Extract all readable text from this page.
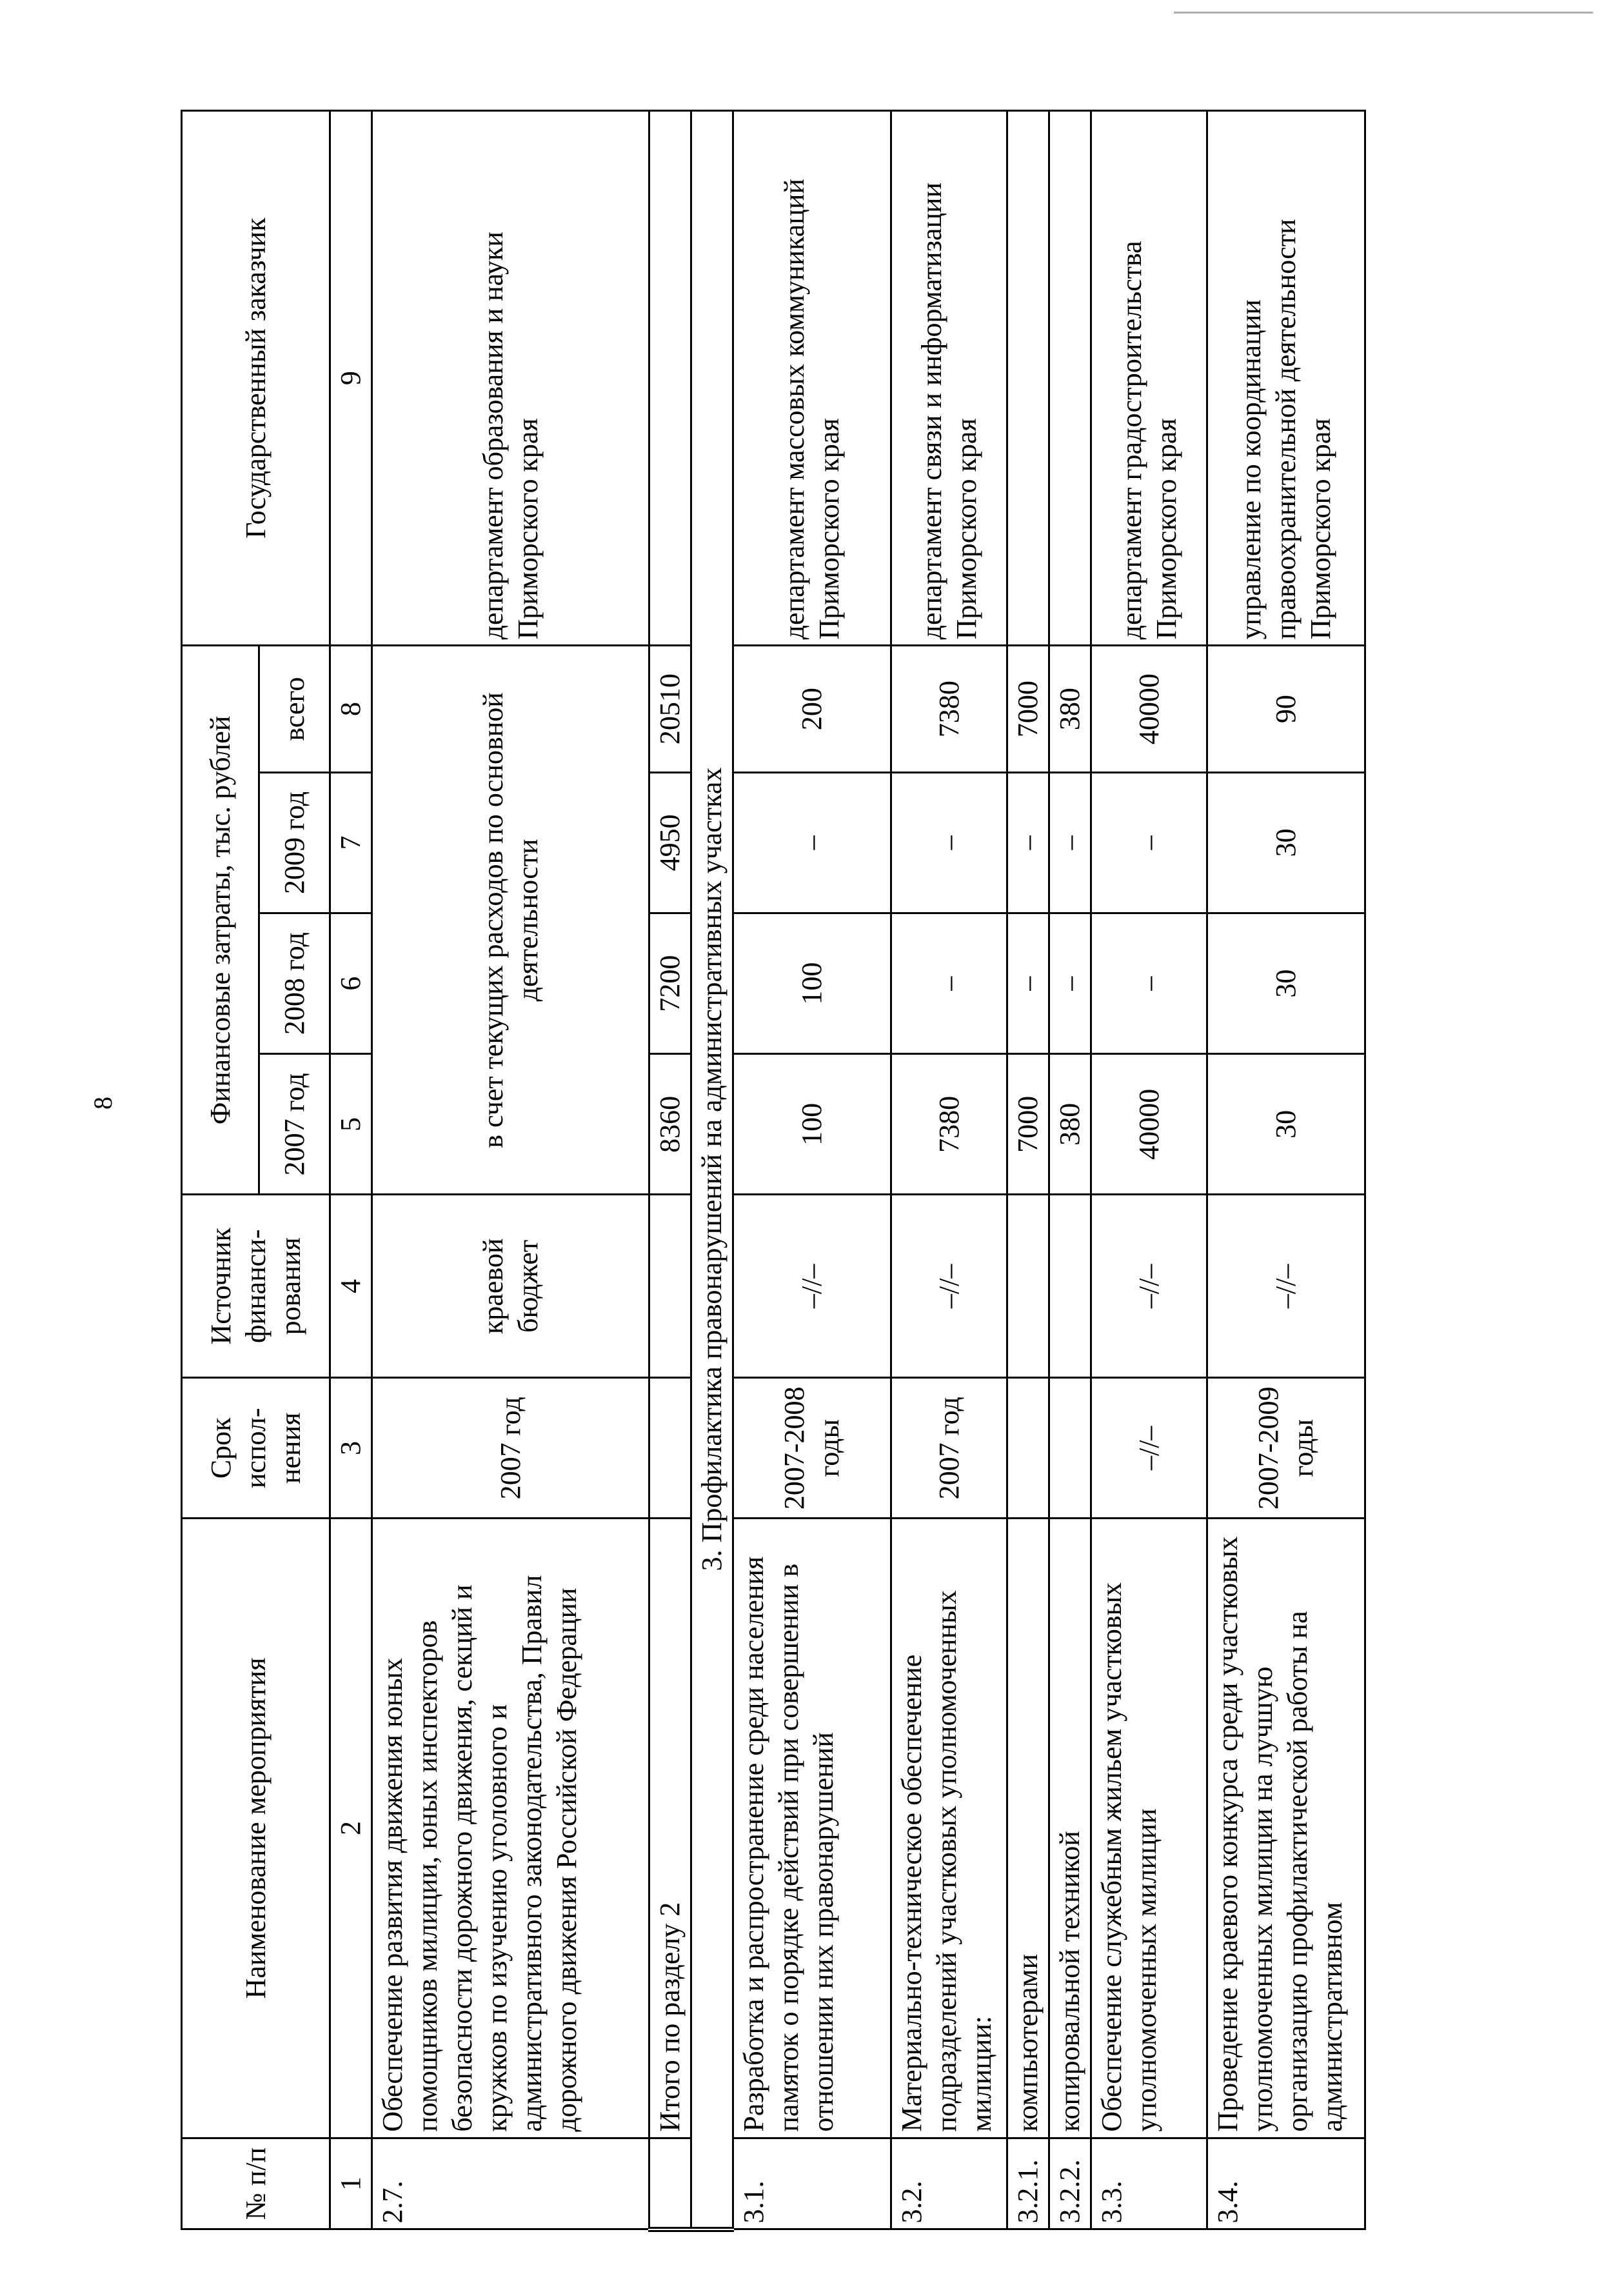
8
№ п/п	Наименование мероприятия	Срок испол-нения	Источник финанси-рования	Финансовые затраты, тыс. рублей				Государственный заказчик
				2007 год	2008 год	2009 год	всего	
1	2	3	4	5	6	7	8	9
2.7.	Обеспечение развития движения юных помощников милиции, юных инспекторов безопасности дорожного движения, секций и кружков по изучению уголовного и административного законодательства, Правил дорожного движения Российской Федерации	2007 год	краевой бюджет	в счет текущих расходов по основной деятельности				департамент образования и науки Приморского края
	Итого по разделу 2			8360	7200	4950	20510	
3. Профилактика правонарушений на административных участках								
3.1.	Разработка и распространение среди населения памяток о порядке действий при совершении в отношении них правонарушений	2007-2008 годы	–//–	100	100	–	200	департамент массовых коммуникаций Приморского края
3.2.	Материально-техническое обеспечение подразделений участковых уполномоченных милиции:	2007 год	–//–	7380	–	–	7380	департамент связи и информатизации Приморского края
3.2.1.	компьютерами			7000	–	–	7000	
3.2.2.	копировальной техникой			380	–	–	380	
3.3.	Обеспечение служебным жильем участковых уполномоченных милиции	–//–	–//–	40000	–	–	40000	департамент градостроительства Приморского края
3.4.	Проведение краевого конкурса среди участковых уполномоченных милиции на лучшую организацию профилактической работы на административном	2007-2009 годы	–//–	30	30	30	90	управление по координации правоохранительной деятельности Приморского края
